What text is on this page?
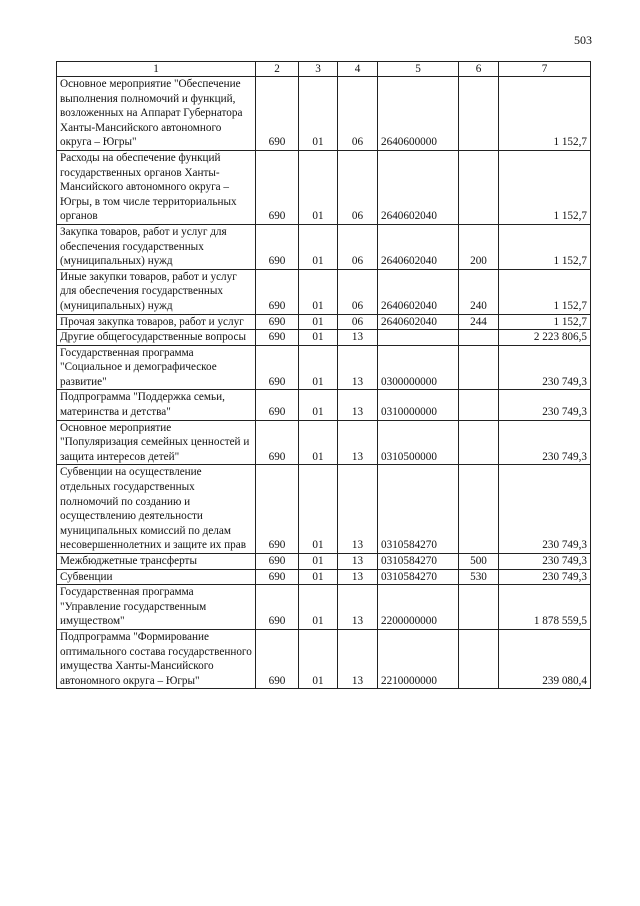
503
1	2	3	4	5	6	7
Основное мероприятие "Обеспечение выполнения полномочий и функций, возложенных на Аппарат Губернатора Ханты-Мансийского автономного округа – Югры"	690	01	06	2640600000		1 152,7
Расходы на обеспечение функций государственных органов Ханты-Мансийского автономного округа – Югры, в том числе территориальных органов	690	01	06	2640602040		1 152,7
Закупка товаров, работ и услуг для обеспечения государственных (муниципальных) нужд	690	01	06	2640602040	200	1 152,7
Иные закупки товаров, работ и услуг для обеспечения государственных (муниципальных) нужд	690	01	06	2640602040	240	1 152,7
Прочая закупка товаров, работ и услуг	690	01	06	2640602040	244	1 152,7
Другие общегосударственные вопросы	690	01	13			2 223 806,5
Государственная программа "Социальное и демографическое развитие"	690	01	13	0300000000		230 749,3
Подпрограмма "Поддержка семьи, материнства и детства"	690	01	13	0310000000		230 749,3
Основное мероприятие "Популяризация семейных ценностей и защита интересов детей"	690	01	13	0310500000		230 749,3
Субвенции на осуществление отдельных государственных полномочий по созданию и осуществлению деятельности муниципальных комиссий по делам несовершеннолетних и защите их прав	690	01	13	0310584270		230 749,3
Межбюджетные трансферты	690	01	13	0310584270	500	230 749,3
Субвенции	690	01	13	0310584270	530	230 749,3
Государственная программа "Управление государственным имуществом"	690	01	13	2200000000		1 878 559,5
Подпрограмма "Формирование оптимального состава государственного имущества Ханты-Мансийского автономного округа – Югры"	690	01	13	2210000000		239 080,4
